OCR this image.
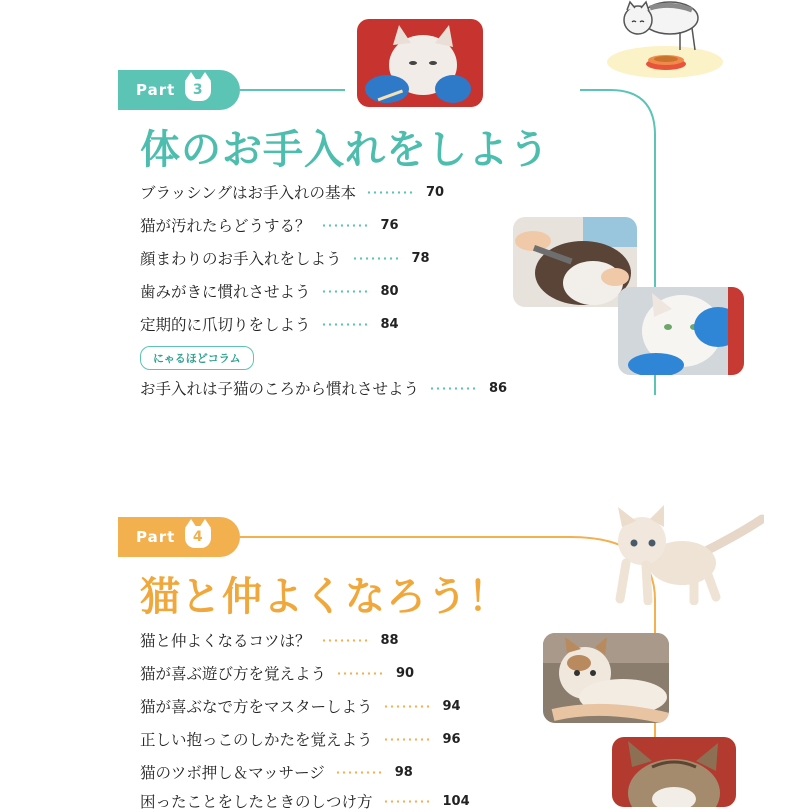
Part 3
体のお手入れをしよう
ブラッシングはお手入れの基本	70
猫が汚れたらどうする？	76
顔まわりのお手入れをしよう	78
歯みがきに慣れさせよう	80
定期的に爪切りをしよう	84
にゃるほどコラム
お手入れは子猫のころから慣れさせよう	86
Part 4
猫と仲よくなろう！
猫と仲よくなるコツは？	88
猫が喜ぶ遊び方を覚えよう	90
猫が喜ぶなで方をマスターしよう	94
正しい抱っこのしかたを覚えよう	96
猫のツボ押し＆マッサージ	98
困ったことをしたときのしつけ方	104
